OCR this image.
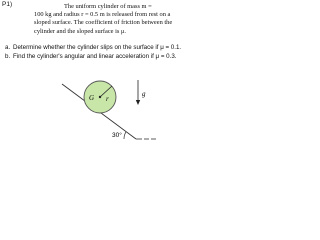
P1)	The uniform cylinder of mass m =
100 kg and radius r = 0.5 m is released from rest on a
sloped surface. The coefficient of friction between the
cylinder and the sloped surface is μ.
a. Determine whether the cylinder slips on the surface if μ = 0.1.
b. Find the cylinder's angular and linear acceleration if μ = 0.3.
G r
g
30°
